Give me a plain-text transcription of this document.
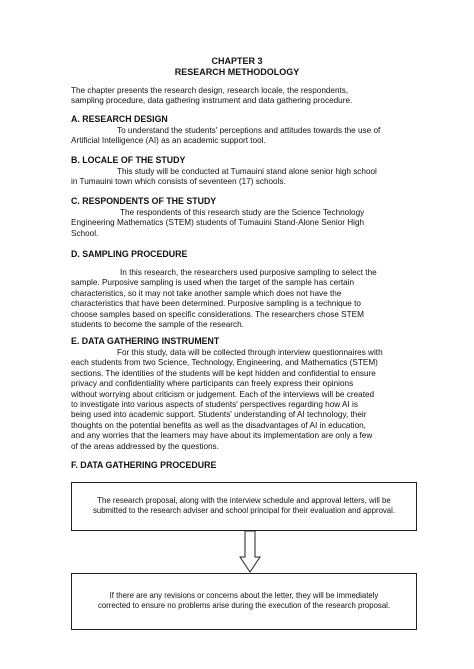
CHAPTER 3
RESEARCH METHODOLOGY
The chapter presents the research design, research locale, the respondents,
sampling procedure, data gathering instrument and data gathering procedure.
A. RESEARCH DESIGN
To understand the students' perceptions and attitudes towards the use of
Artificial Intelligence (AI) as an academic support tool.
B. LOCALE OF THE STUDY
This study will be conducted at Tumauini stand alone senior high school
in Tumauini town which consists of seventeen (17) schools.
C. RESPONDENTS OF THE STUDY
The respondents of this research study are the Science Technology
Engineering Mathematics (STEM) students of Tumauini Stand-Alone Senior High
School.
D. SAMPLING PROCEDURE
In this research, the researchers used purposive sampling to select the
sample. Purposive sampling is used when the target of the sample has certain
characteristics, so it may not take another sample which does not have the
characteristics that have been determined. Purposive sampling is a technique to
choose samples based on specific considerations. The researchers chose STEM
students to become the sample of the research.
E. DATA GATHERING INSTRUMENT
For this study, data will be collected through interview questionnaires with
each students from two Science, Technology, Engineering, and Mathematics (STEM)
sections. The identities of the students will be kept hidden and confidential to ensure
privacy and confidentiality where participants can freely express their opinions
without worrying about criticism or judgement. Each of the interviews will be created
to investigate into various aspects of students' perspectives regarding how AI is
being used into academic support. Students' understanding of AI technology, their
thoughts on the potential benefits as well as the disadvantages of AI in education,
and any worries that the learners may have about its implementation are only a few
of the areas addressed by the questions.
F. DATA GATHERING PROCEDURE
The research proposal, along with the interview schedule and approval letters, will be
submitted to the research adviser and school principal for their evaluation and approval.
If there are any revisions or concerns about the letter, they will be immediately
corrected to ensure no problems arise during the execution of the research proposal.
